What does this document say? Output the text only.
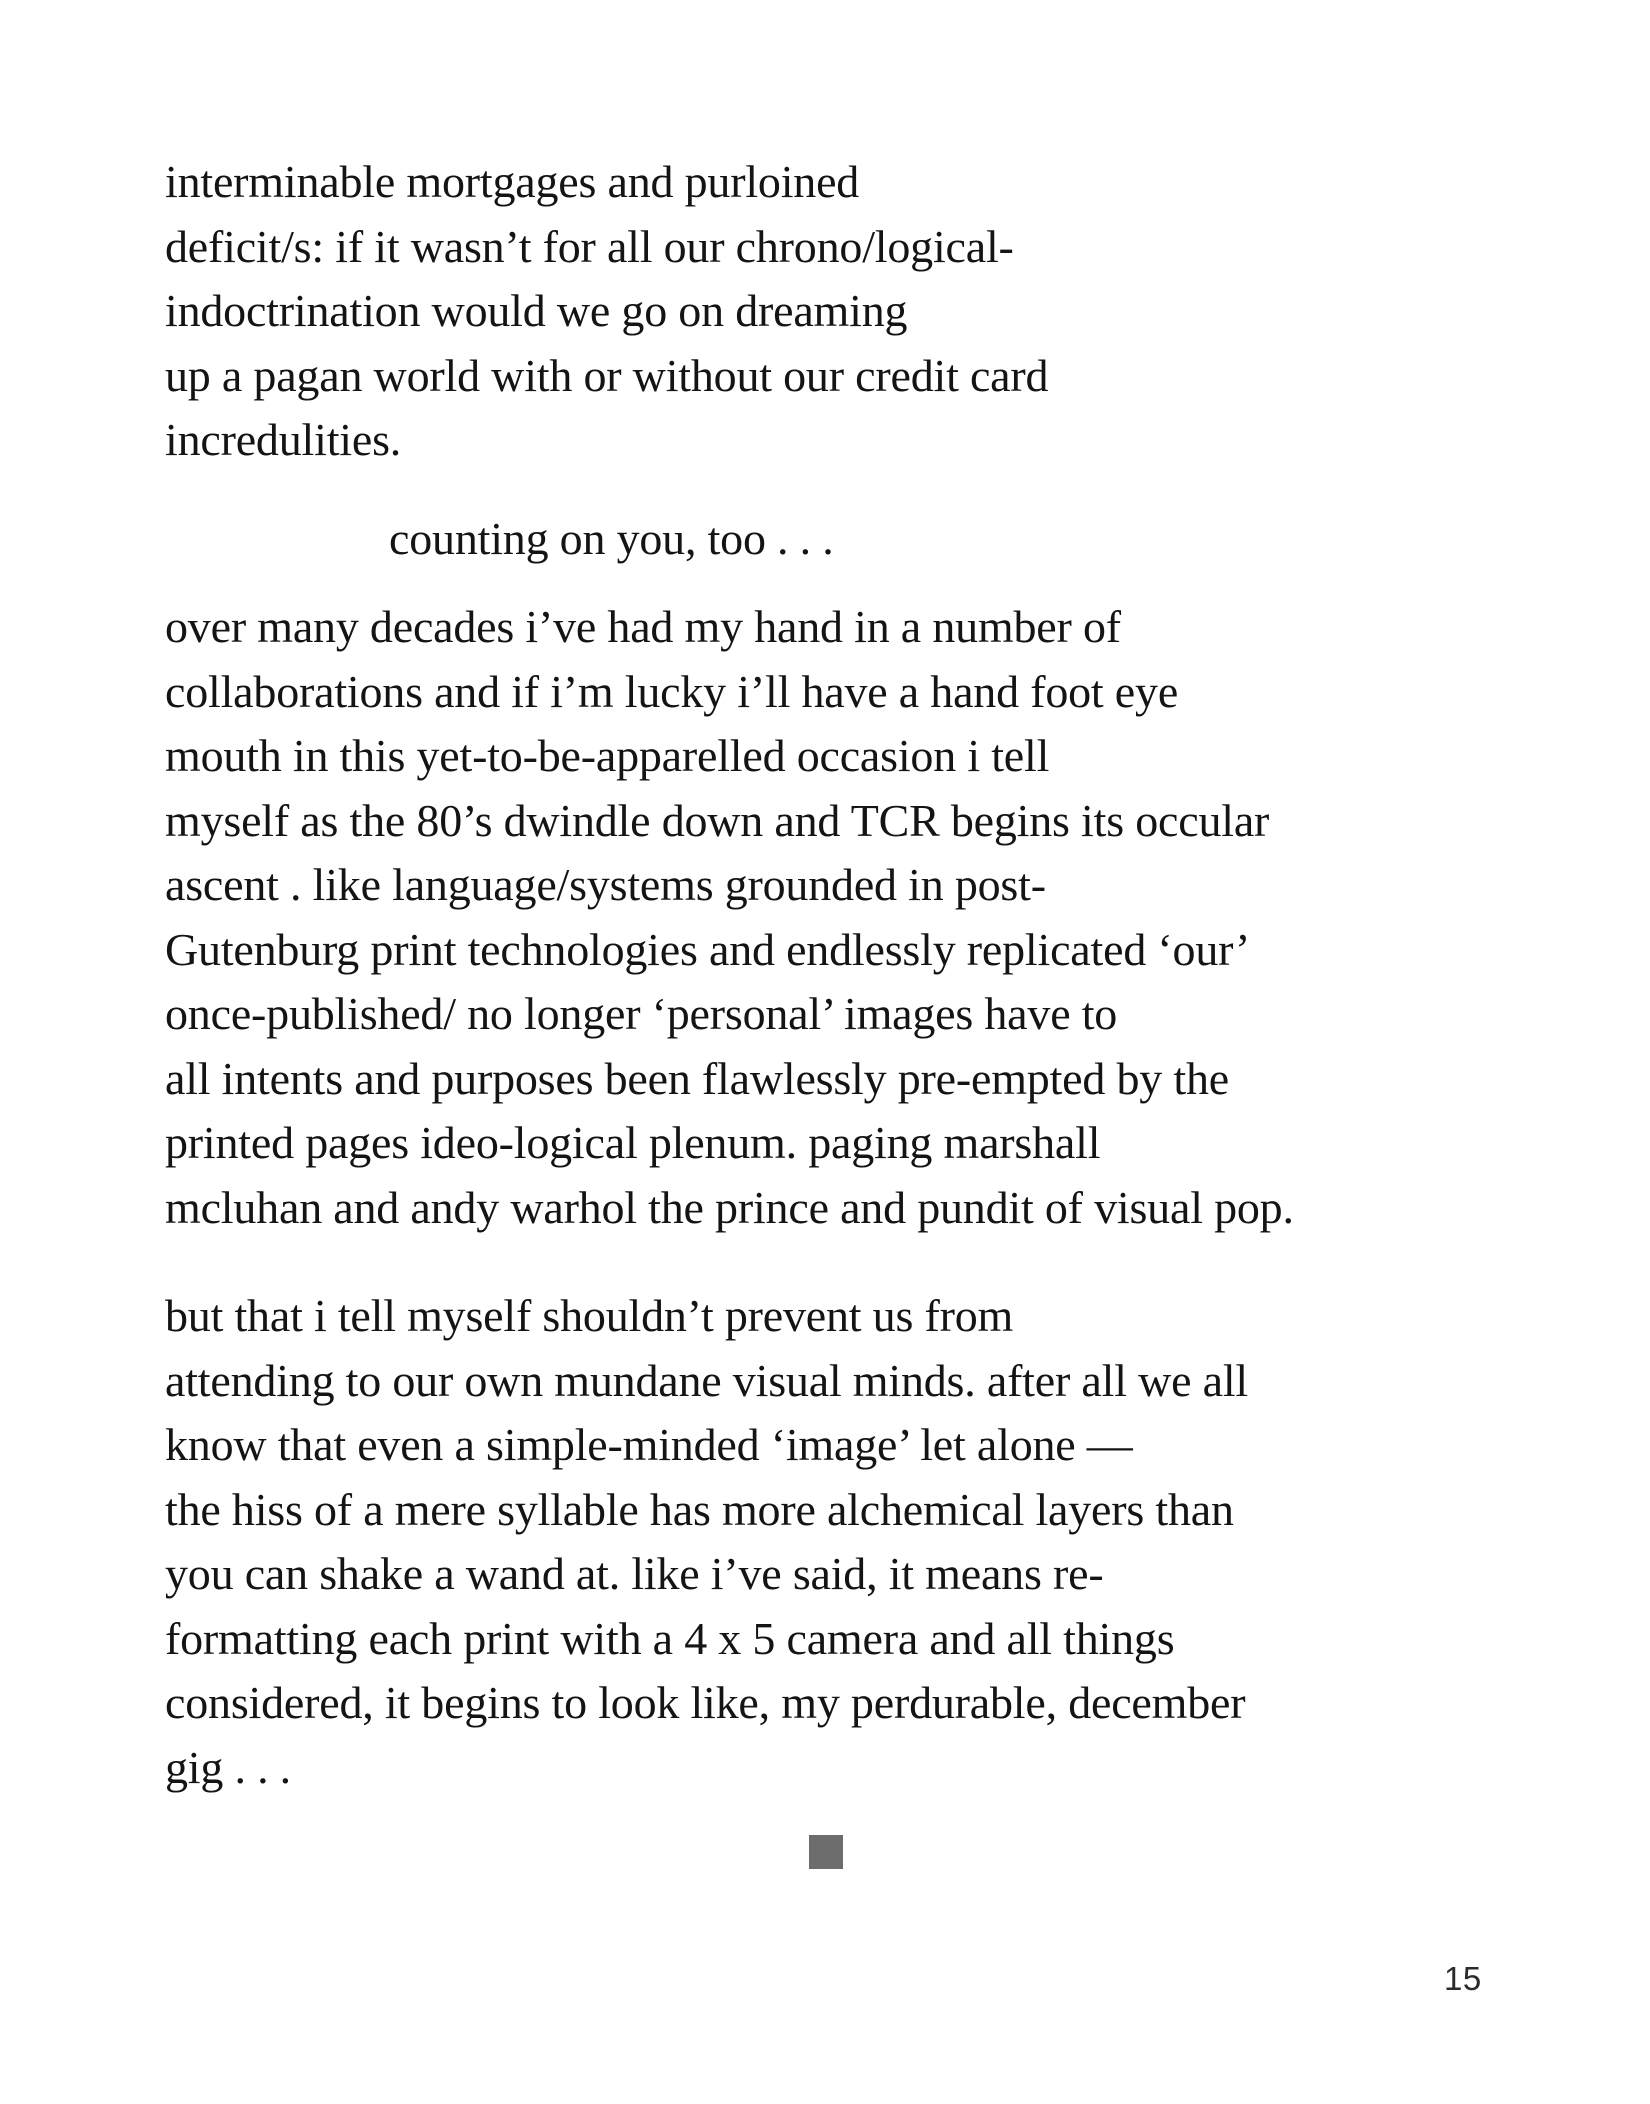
interminable mortgages and purloined
deficit/s: if it wasn’t for all our chrono/logical-
indoctrination would we go on dreaming
up a pagan world with or without our credit card
incredulities.
counting on you, too . . .
over many decades i’ve had my hand in a number of
collaborations and if i’m lucky i’ll have a hand foot eye
mouth in this yet-to-be-apparelled occasion i tell
myself as the 80’s dwindle down and TCR begins its occular
ascent . like language/systems grounded in post-
Gutenburg print technologies and endlessly replicated ‘our’
once-published/ no longer ‘personal’ images have to
all intents and purposes been flawlessly pre-empted by the
printed pages ideo-logical plenum. paging marshall
mcluhan and andy warhol the prince and pundit of visual pop.
but that i tell myself shouldn’t prevent us from
attending to our own mundane visual minds. after all we all
know that even a simple-minded ‘image’ let alone —
the hiss of a mere syllable has more alchemical layers than
you can shake a wand at. like i’ve said, it means re-
formatting each print with a 4 x 5 camera and all things
considered, it begins to look like, my perdurable, december
gig . . .
15
